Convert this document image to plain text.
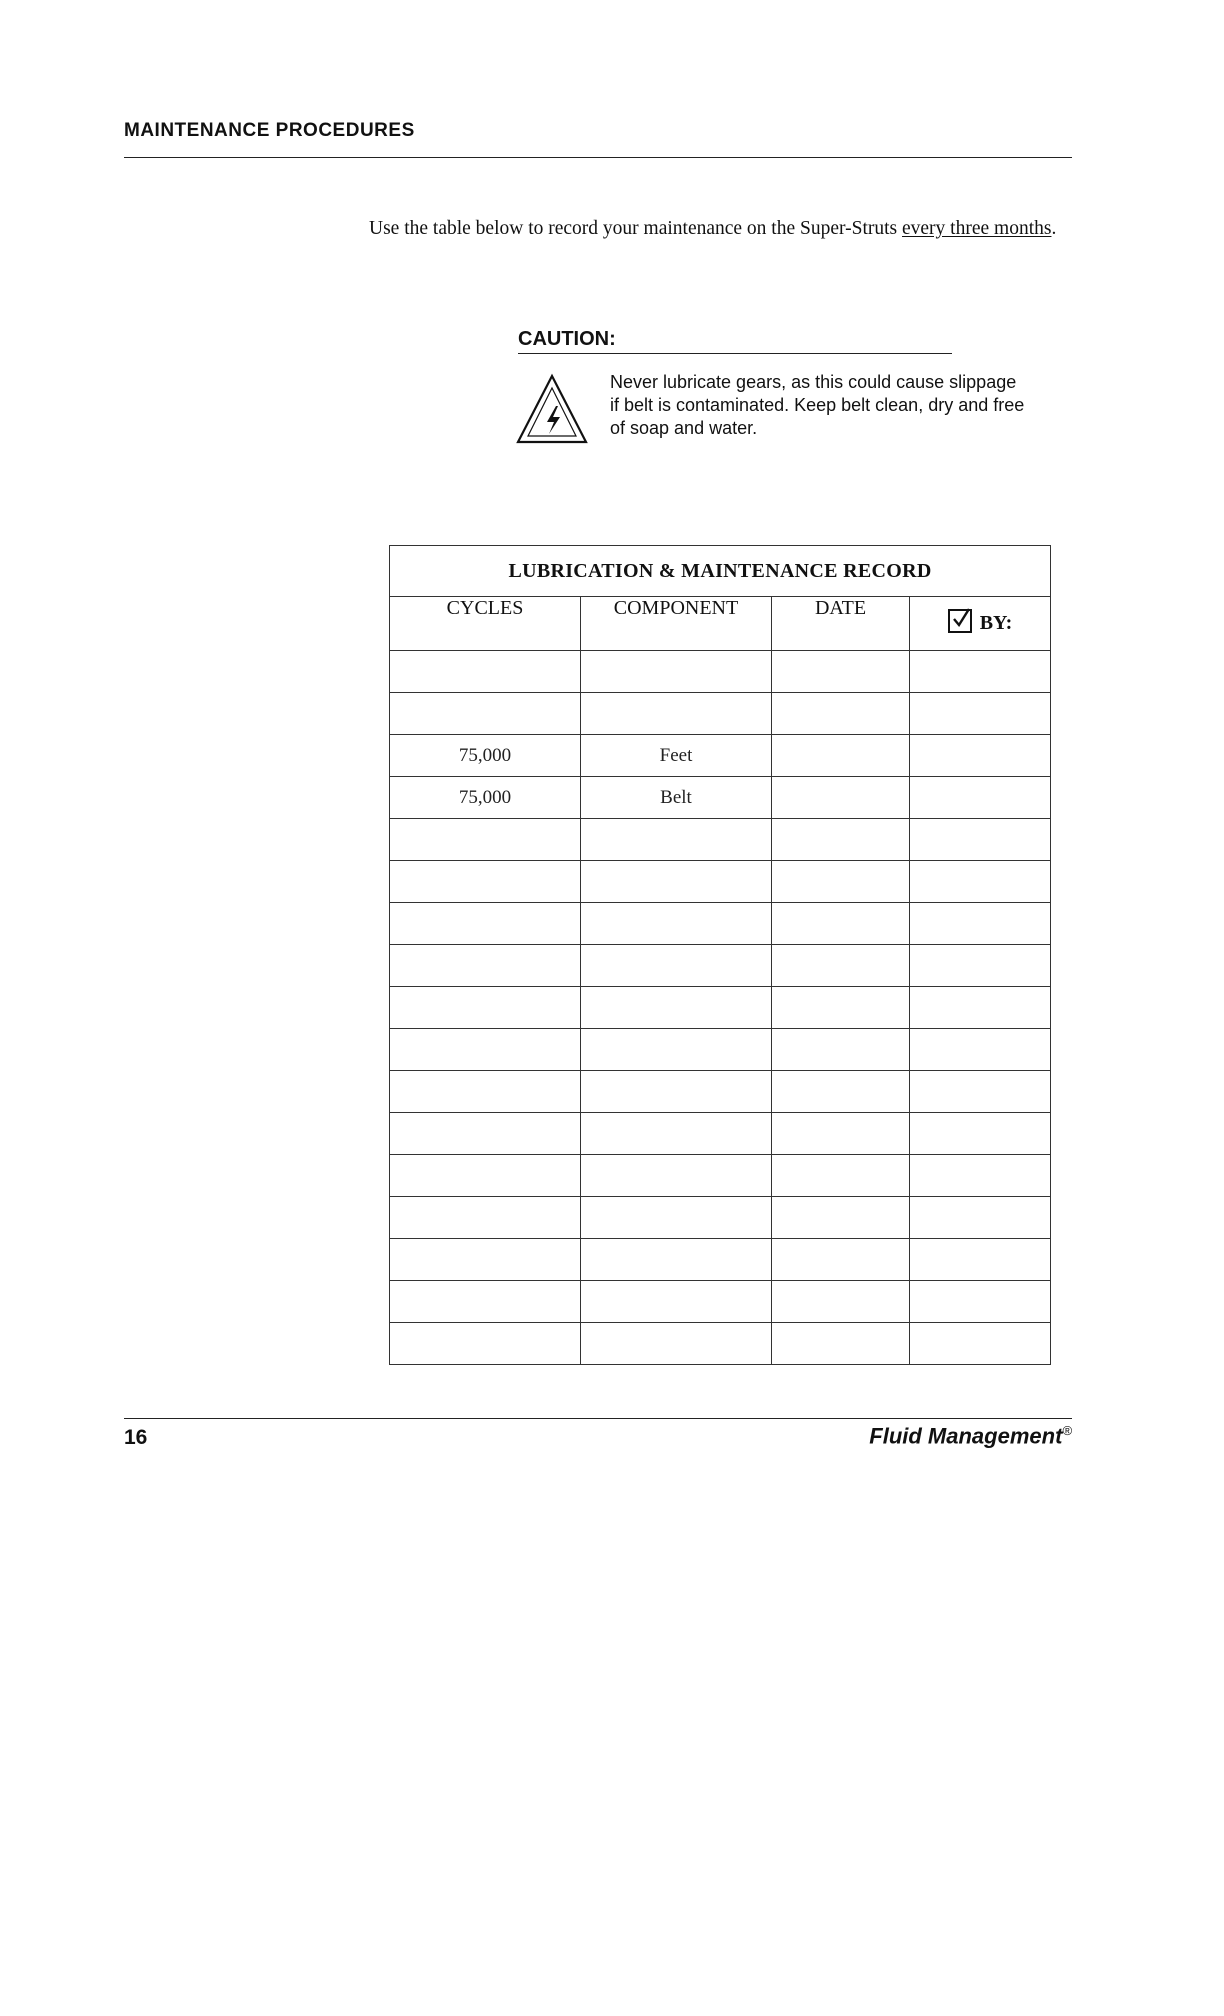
MAINTENANCE PROCEDURES
Use the table below to record your maintenance on the Super-Struts every three months.
CAUTION:
Never lubricate gears, as this could cause slippage if belt is contaminated. Keep belt clean, dry and free of soap and water.
LUBRICATION & MAINTENANCE RECORD			
CYCLES	COMPONENT	DATE	BY:

75,000	Feet		
75,000	Belt		

16	Fluid Management®
